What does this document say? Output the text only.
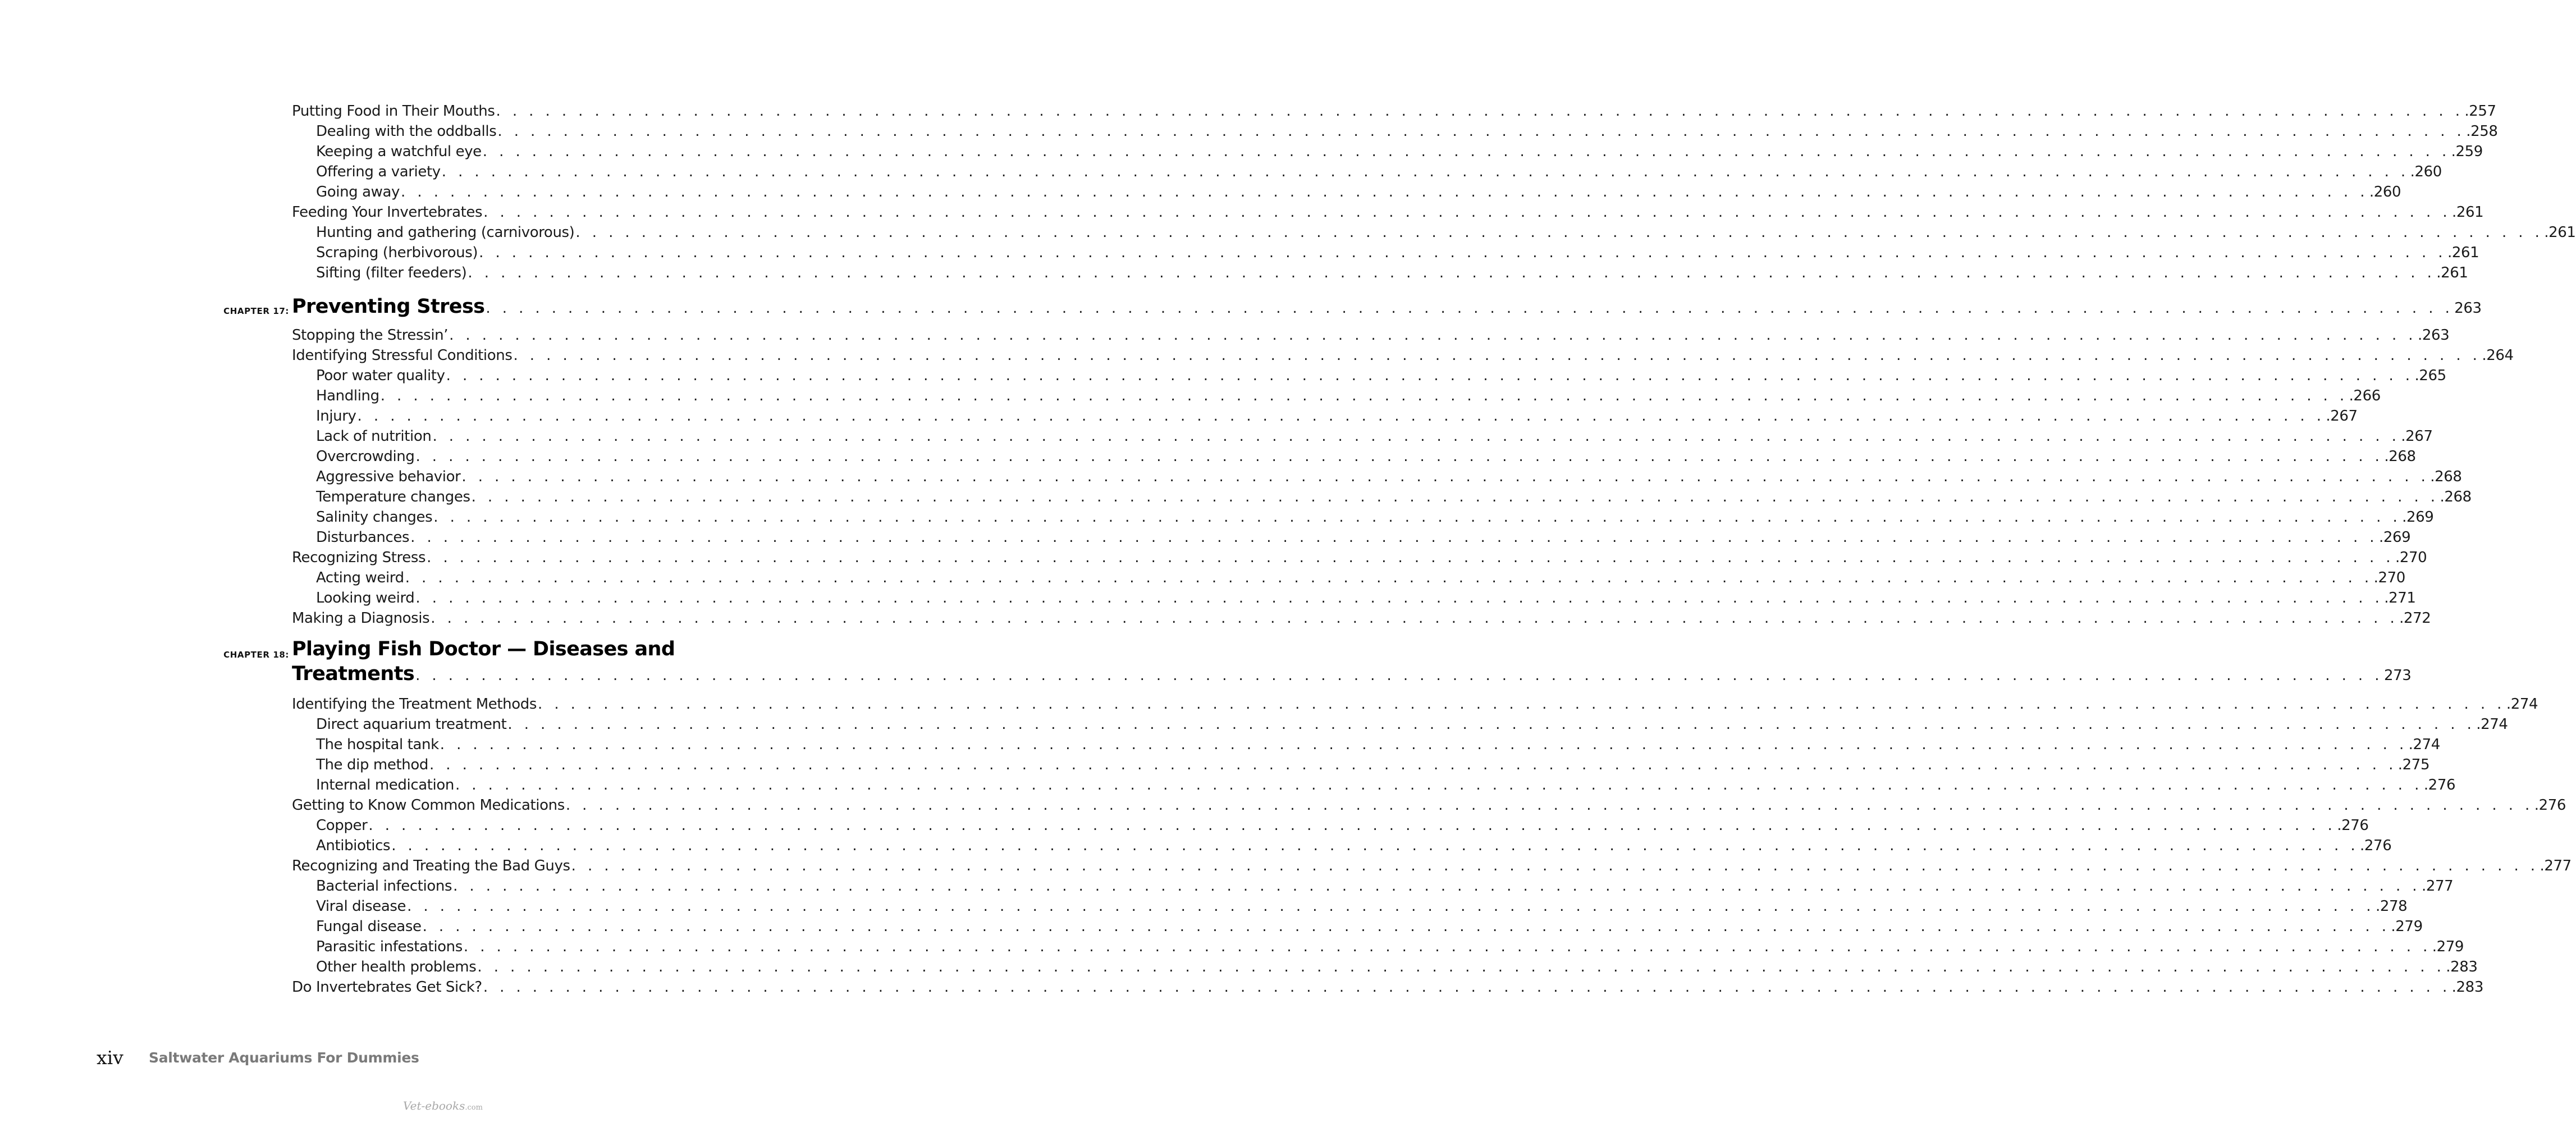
Putting Food in Their Mouths . . . . . . . . . . . . . . . . . . . . . . . . . . . . . . . . . . . . . . . . . . . . . . . . . . . . . . . . . . . . . . . . . . . . . . . . . . . . . . . . . . . . . . . . . . . . . . . . . . . . . . . . . . . . . . . . . . . . . . . . .257
Dealing with the oddballs . . . . . . . . . . . . . . . . . . . . . . . . . . . . . . . . . . . . . . . . . . . . . . . . . . . . . . . . . . . . . . . . . . . . . . . . . . . . . . . . . . . . . . . . . . . . . . . . . . . . . . . . . . . . . . . . . . . . . . . . .258
Keeping a watchful eye . . . . . . . . . . . . . . . . . . . . . . . . . . . . . . . . . . . . . . . . . . . . . . . . . . . . . . . . . . . . . . . . . . . . . . . . . . . . . . . . . . . . . . . . . . . . . . . . . . . . . . . . . . . . . . . . . . . . . . . . .259
Offering a variety . . . . . . . . . . . . . . . . . . . . . . . . . . . . . . . . . . . . . . . . . . . . . . . . . . . . . . . . . . . . . . . . . . . . . . . . . . . . . . . . . . . . . . . . . . . . . . . . . . . . . . . . . . . . . . . . . . . . . . . . .260
Going away . . . . . . . . . . . . . . . . . . . . . . . . . . . . . . . . . . . . . . . . . . . . . . . . . . . . . . . . . . . . . . . . . . . . . . . . . . . . . . . . . . . . . . . . . . . . . . . . . . . . . . . . . . . . . . . . . . . . . . . . .260
Feeding Your Invertebrates . . . . . . . . . . . . . . . . . . . . . . . . . . . . . . . . . . . . . . . . . . . . . . . . . . . . . . . . . . . . . . . . . . . . . . . . . . . . . . . . . . . . . . . . . . . . . . . . . . . . . . . . . . . . . . . . . . . . . . . . .261
Hunting and gathering (carnivorous) . . . . . . . . . . . . . . . . . . . . . . . . . . . . . . . . . . . . . . . . . . . . . . . . . . . . . . . . . . . . . . . . . . . . . . . . . . . . . . . . . . . . . . . . . . . . . . . . . . . . . . . . . . . . . . . . . . . . . . . . .261
Scraping (herbivorous) . . . . . . . . . . . . . . . . . . . . . . . . . . . . . . . . . . . . . . . . . . . . . . . . . . . . . . . . . . . . . . . . . . . . . . . . . . . . . . . . . . . . . . . . . . . . . . . . . . . . . . . . . . . . . . . . . . . . . . . . .261
Sifting (filter feeders) . . . . . . . . . . . . . . . . . . . . . . . . . . . . . . . . . . . . . . . . . . . . . . . . . . . . . . . . . . . . . . . . . . . . . . . . . . . . . . . . . . . . . . . . . . . . . . . . . . . . . . . . . . . . . . . . . . . . . . . . .261
CHAPTER 17: Preventing Stress . . . . . . . . . . . . . . . . . . . . . . . . . . . . . . . . . . . . . . . . . . . . . . . . . . . . . . . . . . . . . . . . . . . . . . . . . . . . . . . . . . . . . . . . . . . . . . . . . . . . . . . . . . . . . . . . . . . . . . . . 263
Stopping the Stressin’ . . . . . . . . . . . . . . . . . . . . . . . . . . . . . . . . . . . . . . . . . . . . . . . . . . . . . . . . . . . . . . . . . . . . . . . . . . . . . . . . . . . . . . . . . . . . . . . . . . . . . . . . . . . . . . . . . . . . . . . . .263
Identifying Stressful Conditions . . . . . . . . . . . . . . . . . . . . . . . . . . . . . . . . . . . . . . . . . . . . . . . . . . . . . . . . . . . . . . . . . . . . . . . . . . . . . . . . . . . . . . . . . . . . . . . . . . . . . . . . . . . . . . . . . . . . . . . . .264
Poor water quality . . . . . . . . . . . . . . . . . . . . . . . . . . . . . . . . . . . . . . . . . . . . . . . . . . . . . . . . . . . . . . . . . . . . . . . . . . . . . . . . . . . . . . . . . . . . . . . . . . . . . . . . . . . . . . . . . . . . . . . . .265
Handling . . . . . . . . . . . . . . . . . . . . . . . . . . . . . . . . . . . . . . . . . . . . . . . . . . . . . . . . . . . . . . . . . . . . . . . . . . . . . . . . . . . . . . . . . . . . . . . . . . . . . . . . . . . . . . . . . . . . . . . . .266
Injury . . . . . . . . . . . . . . . . . . . . . . . . . . . . . . . . . . . . . . . . . . . . . . . . . . . . . . . . . . . . . . . . . . . . . . . . . . . . . . . . . . . . . . . . . . . . . . . . . . . . . . . . . . . . . . . . . . . . . . . . .267
Lack of nutrition . . . . . . . . . . . . . . . . . . . . . . . . . . . . . . . . . . . . . . . . . . . . . . . . . . . . . . . . . . . . . . . . . . . . . . . . . . . . . . . . . . . . . . . . . . . . . . . . . . . . . . . . . . . . . . . . . . . . . . . . .267
Overcrowding . . . . . . . . . . . . . . . . . . . . . . . . . . . . . . . . . . . . . . . . . . . . . . . . . . . . . . . . . . . . . . . . . . . . . . . . . . . . . . . . . . . . . . . . . . . . . . . . . . . . . . . . . . . . . . . . . . . . . . . . .268
Aggressive behavior . . . . . . . . . . . . . . . . . . . . . . . . . . . . . . . . . . . . . . . . . . . . . . . . . . . . . . . . . . . . . . . . . . . . . . . . . . . . . . . . . . . . . . . . . . . . . . . . . . . . . . . . . . . . . . . . . . . . . . . . .268
Temperature changes . . . . . . . . . . . . . . . . . . . . . . . . . . . . . . . . . . . . . . . . . . . . . . . . . . . . . . . . . . . . . . . . . . . . . . . . . . . . . . . . . . . . . . . . . . . . . . . . . . . . . . . . . . . . . . . . . . . . . . . . .268
Salinity changes . . . . . . . . . . . . . . . . . . . . . . . . . . . . . . . . . . . . . . . . . . . . . . . . . . . . . . . . . . . . . . . . . . . . . . . . . . . . . . . . . . . . . . . . . . . . . . . . . . . . . . . . . . . . . . . . . . . . . . . . .269
Disturbances . . . . . . . . . . . . . . . . . . . . . . . . . . . . . . . . . . . . . . . . . . . . . . . . . . . . . . . . . . . . . . . . . . . . . . . . . . . . . . . . . . . . . . . . . . . . . . . . . . . . . . . . . . . . . . . . . . . . . . . . .269
Recognizing Stress . . . . . . . . . . . . . . . . . . . . . . . . . . . . . . . . . . . . . . . . . . . . . . . . . . . . . . . . . . . . . . . . . . . . . . . . . . . . . . . . . . . . . . . . . . . . . . . . . . . . . . . . . . . . . . . . . . . . . . . . .270
Acting weird . . . . . . . . . . . . . . . . . . . . . . . . . . . . . . . . . . . . . . . . . . . . . . . . . . . . . . . . . . . . . . . . . . . . . . . . . . . . . . . . . . . . . . . . . . . . . . . . . . . . . . . . . . . . . . . . . . . . . . . . .270
Looking weird . . . . . . . . . . . . . . . . . . . . . . . . . . . . . . . . . . . . . . . . . . . . . . . . . . . . . . . . . . . . . . . . . . . . . . . . . . . . . . . . . . . . . . . . . . . . . . . . . . . . . . . . . . . . . . . . . . . . . . . . .271
Making a Diagnosis . . . . . . . . . . . . . . . . . . . . . . . . . . . . . . . . . . . . . . . . . . . . . . . . . . . . . . . . . . . . . . . . . . . . . . . . . . . . . . . . . . . . . . . . . . . . . . . . . . . . . . . . . . . . . . . . . . . . . . . . .272
CHAPTER 18: Playing Fish Doctor — Diseases and
Treatments . . . . . . . . . . . . . . . . . . . . . . . . . . . . . . . . . . . . . . . . . . . . . . . . . . . . . . . . . . . . . . . . . . . . . . . . . . . . . . . . . . . . . . . . . . . . . . . . . . . . . . . . . . . . . . . . . . . . . . . . 273
Identifying the Treatment Methods . . . . . . . . . . . . . . . . . . . . . . . . . . . . . . . . . . . . . . . . . . . . . . . . . . . . . . . . . . . . . . . . . . . . . . . . . . . . . . . . . . . . . . . . . . . . . . . . . . . . . . . . . . . . . . . . . . . . . . . . .274
Direct aquarium treatment . . . . . . . . . . . . . . . . . . . . . . . . . . . . . . . . . . . . . . . . . . . . . . . . . . . . . . . . . . . . . . . . . . . . . . . . . . . . . . . . . . . . . . . . . . . . . . . . . . . . . . . . . . . . . . . . . . . . . . . . .274
The hospital tank . . . . . . . . . . . . . . . . . . . . . . . . . . . . . . . . . . . . . . . . . . . . . . . . . . . . . . . . . . . . . . . . . . . . . . . . . . . . . . . . . . . . . . . . . . . . . . . . . . . . . . . . . . . . . . . . . . . . . . . . .274
The dip method . . . . . . . . . . . . . . . . . . . . . . . . . . . . . . . . . . . . . . . . . . . . . . . . . . . . . . . . . . . . . . . . . . . . . . . . . . . . . . . . . . . . . . . . . . . . . . . . . . . . . . . . . . . . . . . . . . . . . . . . .275
Internal medication . . . . . . . . . . . . . . . . . . . . . . . . . . . . . . . . . . . . . . . . . . . . . . . . . . . . . . . . . . . . . . . . . . . . . . . . . . . . . . . . . . . . . . . . . . . . . . . . . . . . . . . . . . . . . . . . . . . . . . . . .276
Getting to Know Common Medications . . . . . . . . . . . . . . . . . . . . . . . . . . . . . . . . . . . . . . . . . . . . . . . . . . . . . . . . . . . . . . . . . . . . . . . . . . . . . . . . . . . . . . . . . . . . . . . . . . . . . . . . . . . . . . . . . . . . . . . . .276
Copper . . . . . . . . . . . . . . . . . . . . . . . . . . . . . . . . . . . . . . . . . . . . . . . . . . . . . . . . . . . . . . . . . . . . . . . . . . . . . . . . . . . . . . . . . . . . . . . . . . . . . . . . . . . . . . . . . . . . . . . . .276
Antibiotics . . . . . . . . . . . . . . . . . . . . . . . . . . . . . . . . . . . . . . . . . . . . . . . . . . . . . . . . . . . . . . . . . . . . . . . . . . . . . . . . . . . . . . . . . . . . . . . . . . . . . . . . . . . . . . . . . . . . . . . . .276
Recognizing and Treating the Bad Guys . . . . . . . . . . . . . . . . . . . . . . . . . . . . . . . . . . . . . . . . . . . . . . . . . . . . . . . . . . . . . . . . . . . . . . . . . . . . . . . . . . . . . . . . . . . . . . . . . . . . . . . . . . . . . . . . . . . . . . . . .277
Bacterial infections . . . . . . . . . . . . . . . . . . . . . . . . . . . . . . . . . . . . . . . . . . . . . . . . . . . . . . . . . . . . . . . . . . . . . . . . . . . . . . . . . . . . . . . . . . . . . . . . . . . . . . . . . . . . . . . . . . . . . . . . .277
Viral disease . . . . . . . . . . . . . . . . . . . . . . . . . . . . . . . . . . . . . . . . . . . . . . . . . . . . . . . . . . . . . . . . . . . . . . . . . . . . . . . . . . . . . . . . . . . . . . . . . . . . . . . . . . . . . . . . . . . . . . . . .278
Fungal disease . . . . . . . . . . . . . . . . . . . . . . . . . . . . . . . . . . . . . . . . . . . . . . . . . . . . . . . . . . . . . . . . . . . . . . . . . . . . . . . . . . . . . . . . . . . . . . . . . . . . . . . . . . . . . . . . . . . . . . . . .279
Parasitic infestations . . . . . . . . . . . . . . . . . . . . . . . . . . . . . . . . . . . . . . . . . . . . . . . . . . . . . . . . . . . . . . . . . . . . . . . . . . . . . . . . . . . . . . . . . . . . . . . . . . . . . . . . . . . . . . . . . . . . . . . . .279
Other health problems . . . . . . . . . . . . . . . . . . . . . . . . . . . . . . . . . . . . . . . . . . . . . . . . . . . . . . . . . . . . . . . . . . . . . . . . . . . . . . . . . . . . . . . . . . . . . . . . . . . . . . . . . . . . . . . . . . . . . . . . .283
Do Invertebrates Get Sick? . . . . . . . . . . . . . . . . . . . . . . . . . . . . . . . . . . . . . . . . . . . . . . . . . . . . . . . . . . . . . . . . . . . . . . . . . . . . . . . . . . . . . . . . . . . . . . . . . . . . . . . . . . . . . . . . . . . . . . . . .283
xiv Saltwater Aquariums For Dummies
Vet-ebooks.com
